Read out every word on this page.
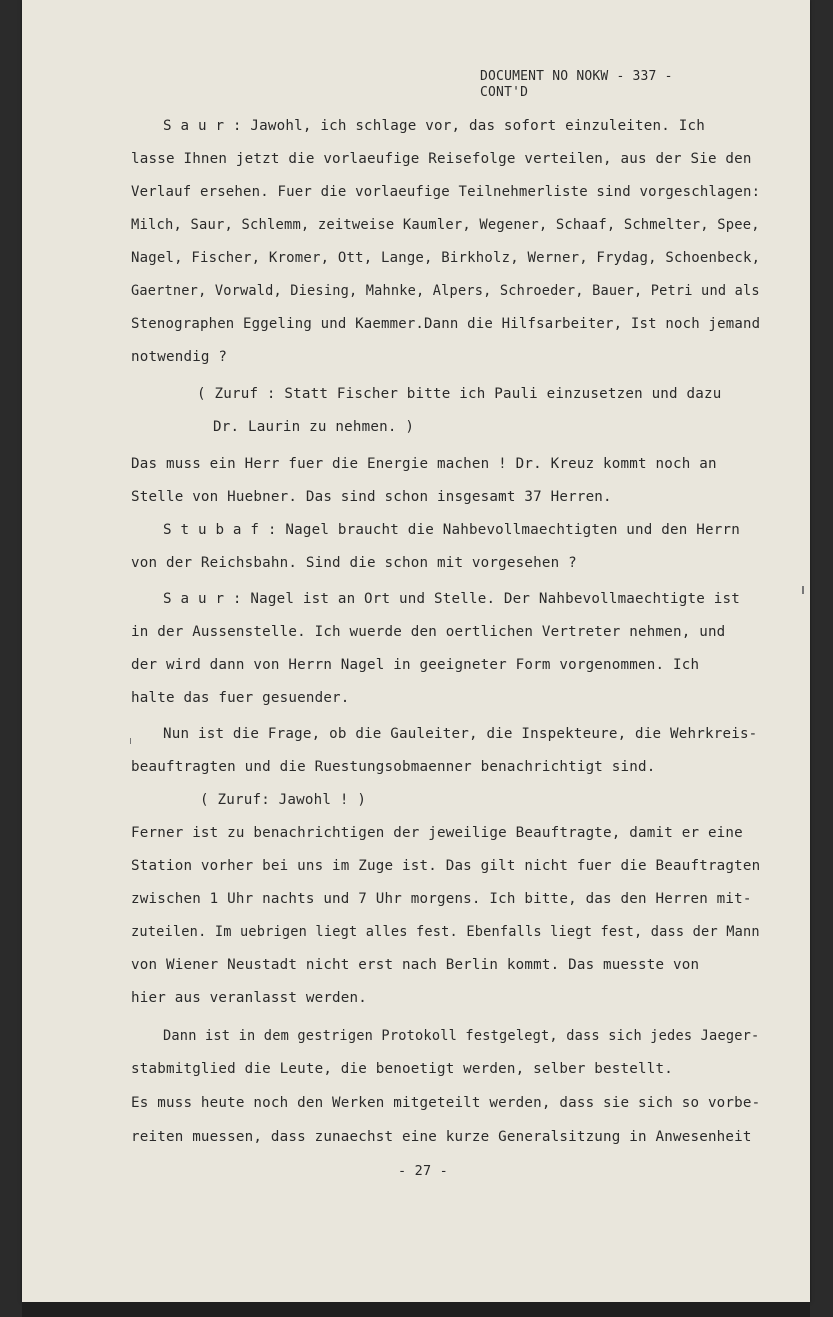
DOCUMENT NO NOKW - 337 -
CONT'D
S a u r : Jawohl, ich schlage vor, das sofort einzuleiten. Ich
lasse Ihnen jetzt die vorlaeufige Reisefolge verteilen, aus der Sie den
Verlauf ersehen. Fuer die vorlaeufige Teilnehmerliste sind vorgeschlagen:
Milch, Saur, Schlemm, zeitweise Kaumler, Wegener, Schaaf, Schmelter, Spee,
Nagel, Fischer, Kromer, Ott, Lange, Birkholz, Werner, Frydag, Schoenbeck,
Gaertner, Vorwald, Diesing, Mahnke, Alpers, Schroeder, Bauer, Petri und als
Stenographen Eggeling und Kaemmer.Dann die Hilfsarbeiter, Ist noch jemand
notwendig ?
( Zuruf : Statt Fischer bitte ich Pauli einzusetzen und dazu
Dr. Laurin zu nehmen. )
Das muss ein Herr fuer die Energie machen ! Dr. Kreuz kommt noch an
Stelle von Huebner. Das sind schon insgesamt 37 Herren.
S t u b a f : Nagel braucht die Nahbevollmaechtigten und den Herrn
von der Reichsbahn. Sind die schon mit vorgesehen ?
S a u r : Nagel ist an Ort und Stelle. Der Nahbevollmaechtigte ist
in der Aussenstelle. Ich wuerde den oertlichen Vertreter nehmen, und
der wird dann von Herrn Nagel in geeigneter Form vorgenommen. Ich
halte das fuer gesuender.
Nun ist die Frage, ob die Gauleiter, die Inspekteure, die Wehrkreis-
beauftragten und die Ruestungsobmaenner benachrichtigt sind.
( Zuruf: Jawohl ! )
Ferner ist zu benachrichtigen der jeweilige Beauftragte, damit er eine
Station vorher bei uns im Zuge ist. Das gilt nicht fuer die Beauftragten
zwischen 1 Uhr nachts und 7 Uhr morgens. Ich bitte, das den Herren mit-
zuteilen. Im uebrigen liegt alles fest. Ebenfalls liegt fest, dass der Mann
von Wiener Neustadt nicht erst nach Berlin kommt. Das muesste von
hier aus veranlasst werden.
Dann ist in dem gestrigen Protokoll festgelegt, dass sich jedes Jaeger-
stabmitglied die Leute, die benoetigt werden, selber bestellt.
Es muss heute noch den Werken mitgeteilt werden, dass sie sich so vorbe-
reiten muessen, dass zunaechst eine kurze Generalsitzung in Anwesenheit
- 27 -
